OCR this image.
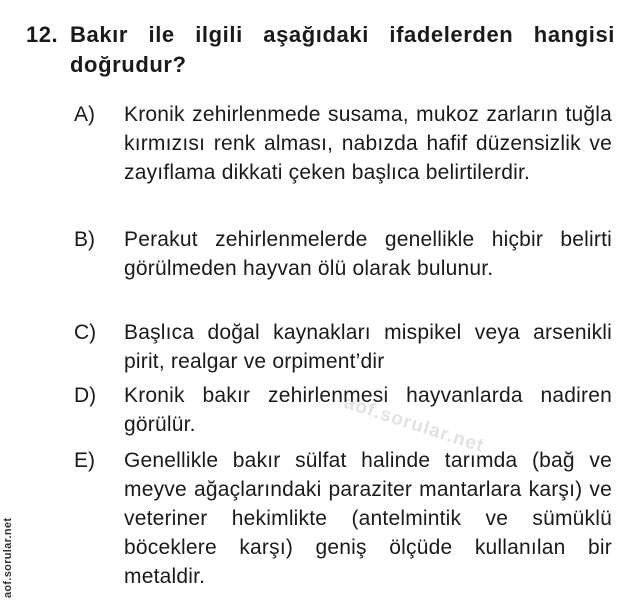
12. Bakır ile ilgili aşağıdaki ifadelerden hangisi doğrudur?
A) Kronik zehirlenmede susama, mukoz zarların tuğla kırmızısı renk alması, nabızda hafif düzensizlik ve zayıflama dikkati çeken başlıca belirtilerdir.
B) Perakut zehirlenmelerde genellikle hiçbir belirti görülmeden hayvan ölü olarak bulunur.
C) Başlıca doğal kaynakları mispikel veya arsenikli pirit, realgar ve orpiment’dir
D) Kronik bakır zehirlenmesi hayvanlarda nadiren görülür.
E) Genellikle bakır sülfat halinde tarımda (bağ ve meyve ağaçlarındaki paraziter mantarlara karşı) ve veteriner hekimlikte (antelmintik ve sümüklü böceklere karşı) geniş ölçüde kullanılan bir metaldir.
aof.sorular.net
aof.sorular.net
